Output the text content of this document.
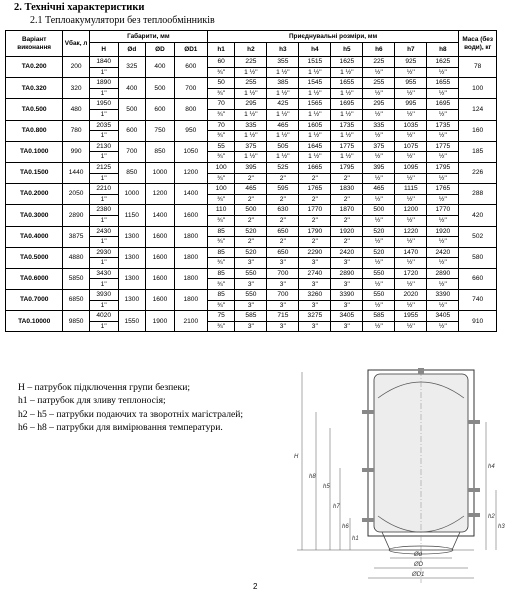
2. Технічні характеристики
2.1 Теплоакумулятори без теплообмінників
Варіант виконання	Vбак, л	Габарити, мм				Приєднувальні розміри, мм								Маса (без води), кг
		H	Ød	ØD	ØD1	h1	h2	h3	h4	h5	h6	h7	h8	
TA0.200	200	1840	325	400	600	60	225	355	1515	1625	225	925	1625	78
		1''				¾''	1 ½''	1 ½''	1 ½''	1 ½''	½''	½''	½''	
TA0.320	320	1890	400	500	700	50	255	385	1545	1655	255	955	1655	100
		1''				¾''	1 ½''	1 ½''	1 ½''	1 ½''	½''	½''	½''	
TA0.500	480	1950	500	600	800	70	295	425	1565	1695	295	995	1695	124
		1''				¾''	1 ½''	1 ½''	1 ½''	1 ½''	½''	½''	½''	
TA0.800	780	2035	600	750	950	70	335	465	1605	1735	335	1035	1735	160
		1''				¾''	1 ½''	1 ½''	1 ½''	1 ½''	½''	½''	½''	
TA0.1000	990	2130	700	850	1050	55	375	505	1645	1775	375	1075	1775	185
		1''				¾''	1 ½''	1 ½''	1 ½''	1 ½''	½''	½''	½''	
TA0.1500	1440	2125	850	1000	1200	100	395	525	1665	1795	395	1095	1795	226
		1''				¾''	2''	2''	2''	2''	½''	½''	½''	
TA0.2000	2050	2210	1000	1200	1400	100	465	595	1765	1830	465	1115	1765	288
		1''				¾''	2''	2''	2''	2''	½''	½''	½''	
TA0.3000	2890	2380	1150	1400	1600	110	500	630	1770	1870	500	1200	1770	420
		1''				¾''	2''	2''	2''	2''	½''	½''	½''	
TA0.4000	3875	2430	1300	1600	1800	85	520	650	1790	1920	520	1220	1920	502
		1''				¾''	2''	2''	2''	2''	½''	½''	½''	
TA0.5000	4880	2930	1300	1600	1800	85	520	650	2290	2420	520	1470	2420	580
		1''				¾''	3''	3''	3''	3''	½''	½''	½''	
TA0.6000	5850	3430	1300	1600	1800	85	550	700	2740	2890	550	1720	2890	660
		1''				¾''	3''	3''	3''	3''	½''	½''	½''	
TA0.7000	6850	3930	1300	1600	1800	85	550	700	3260	3390	550	2020	3390	740
		1''				¾''	3''	3''	3''	3''	½''	½''	½''	
TA0.10000	9850	4020	1550	1900	2100	75	585	715	3275	3405	585	1955	3405	910
		1''				¾''	3''	3''	3''	3''	½''	½''	½''	
H – патрубок підключення групи безпеки;
h1 – патрубок для зливу теплоносія;
h2 – h5 – патрубки подаючих та зворотніх магістралей;
h6 – h8 – патрубки для вимірювання температури.
H
h8
h5
h4
h7
h6
h1
h2
h3
Ød
ØD
ØD1
2
